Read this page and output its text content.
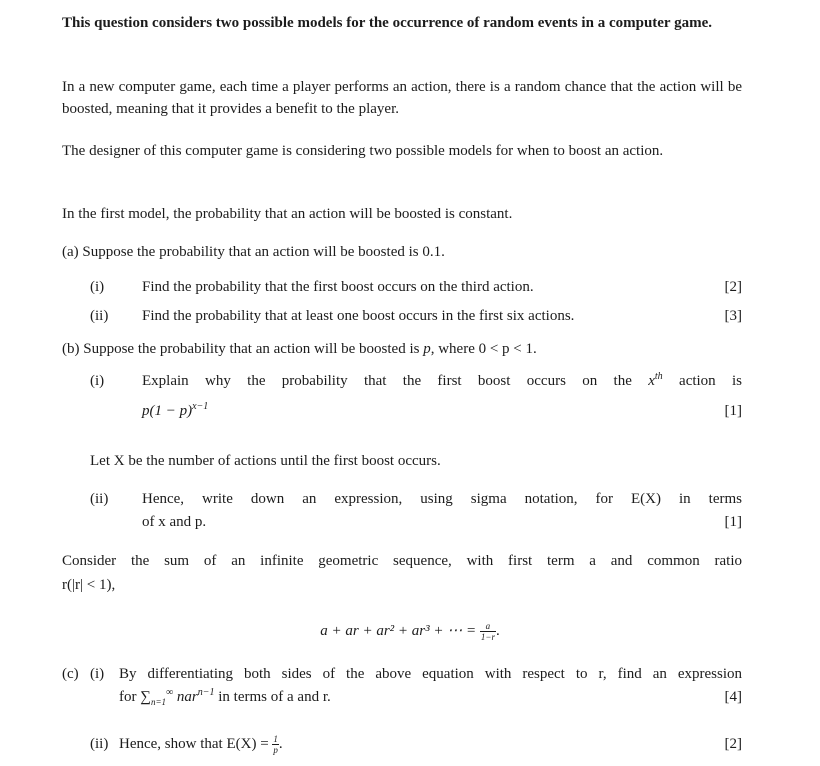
This question considers two possible models for the occurrence of random events in a computer game.
In a new computer game, each time a player performs an action, there is a random chance that the action will be boosted, meaning that it provides a benefit to the player.
The designer of this computer game is considering two possible models for when to boost an action.
In the first model, the probability that an action will be boosted is constant.
(a) Suppose the probability that an action will be boosted is 0.1.
(i)	Find the probability that the first boost occurs on the third action.	[2]
(ii) Find the probability that at least one boost occurs in the first six actions.	[3]
(b) Suppose the probability that an action will be boosted is p, where 0 < p < 1.
(i)	Explain why the probability that the first boost occurs on the $x^{th}$ action is
$p(1 - p)^{x-1}$	[1]
Let X be the number of actions until the first boost occurs.
(ii) Hence, write down an expression, using sigma notation, for E(X) in terms
of x and p.	[1]
Consider the sum of an infinite geometric sequence, with first term a and common ratio
r(|r| < 1),
a + ar + ar² + ar³ + ⋯ = $\frac{a}{1-r}$ .
(c) (i) By differentiating both sides of the above equation with respect to r, find an expression
for $\sum_{n=1}^\infty$ nar$^{n-1}$ in terms of a and r.	[4]
(ii) Hence, show that $E(X) = \frac{1}{p}$ .	[2]
